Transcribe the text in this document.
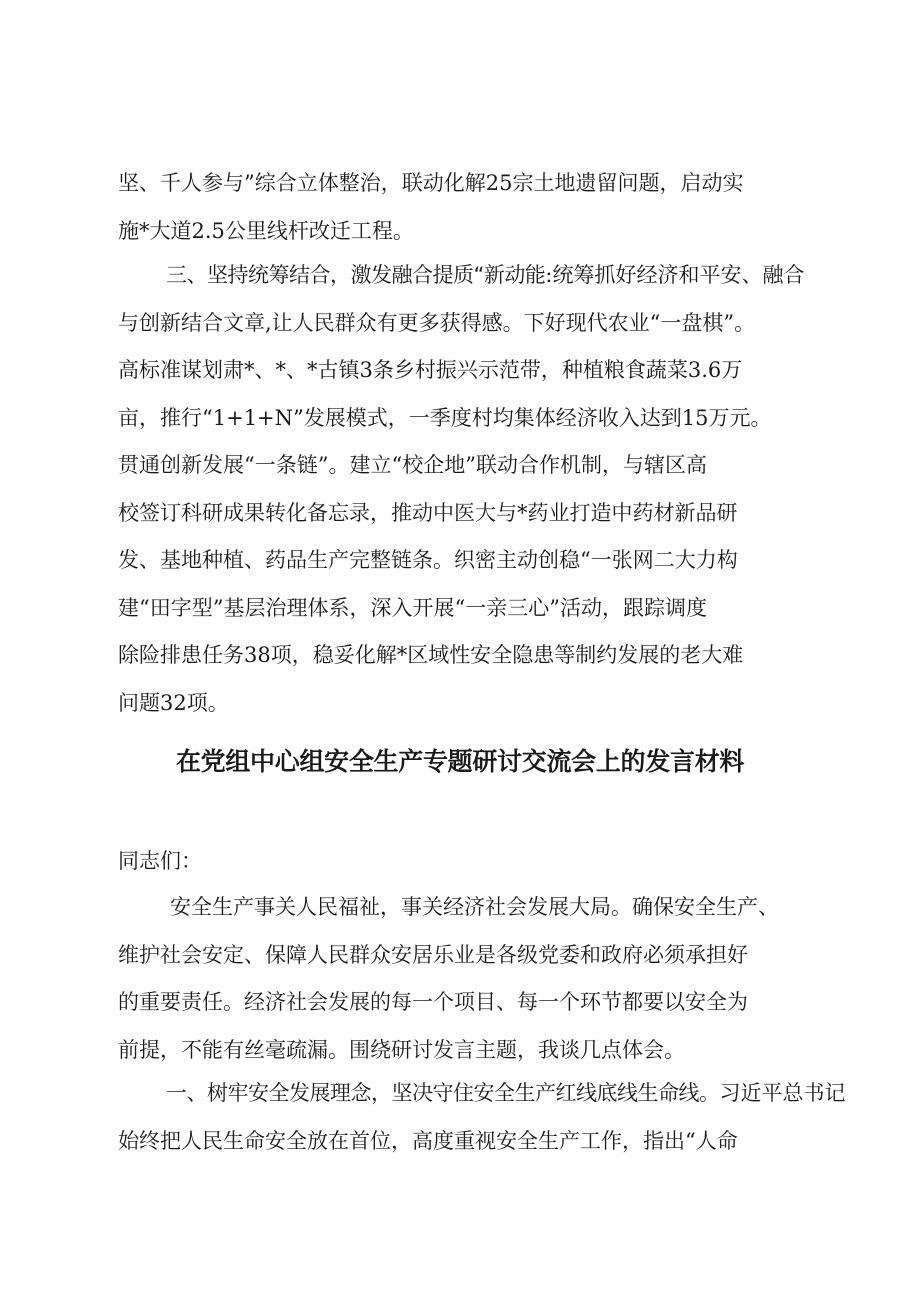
坚、千人参与”综合立体整治，联动化解25宗土地遗留问题，启动实

施*大道2.5公里线杆改迁工程。

三、坚持统筹结合，激发融合提质“新动能:统筹抓好经济和平安、融合

与创新结合文章,让人民群众有更多获得感。下好现代农业“一盘棋”。

高标准谋划肃*、*、*古镇3条乡村振兴示范带，种植粮食蔬菜3.6万

亩，推行“1+1+N”发展模式，一季度村均集体经济收入达到15万元。

贯通创新发展“一条链”。建立“校企地”联动合作机制，与辖区高

校签订科研成果转化备忘录，推动中医大与*药业打造中药材新品研

发、基地种植、药品生产完整链条。织密主动创稳“一张网二大力构

建“田字型”基层治理体系，深入开展“一亲三心”活动，跟踪调度

除险排患任务38项，稳妥化解*区域性安全隐患等制约发展的老大难

问题32项。

在党组中心组安全生产专题研讨交流会上的发言材料

同志们：

安全生产事关人民福祉，事关经济社会发展大局。确保安全生产、

维护社会安定、保障人民群众安居乐业是各级党委和政府必须承担好

的重要责任。经济社会发展的每一个项目、每一个环节都要以安全为

前提，不能有丝毫疏漏。围绕研讨发言主题，我谈几点体会。

一、树牢安全发展理念，坚决守住安全生产红线底线生命线。习近平总书记

始终把人民生命安全放在首位，高度重视安全生产工作，指出“人命
